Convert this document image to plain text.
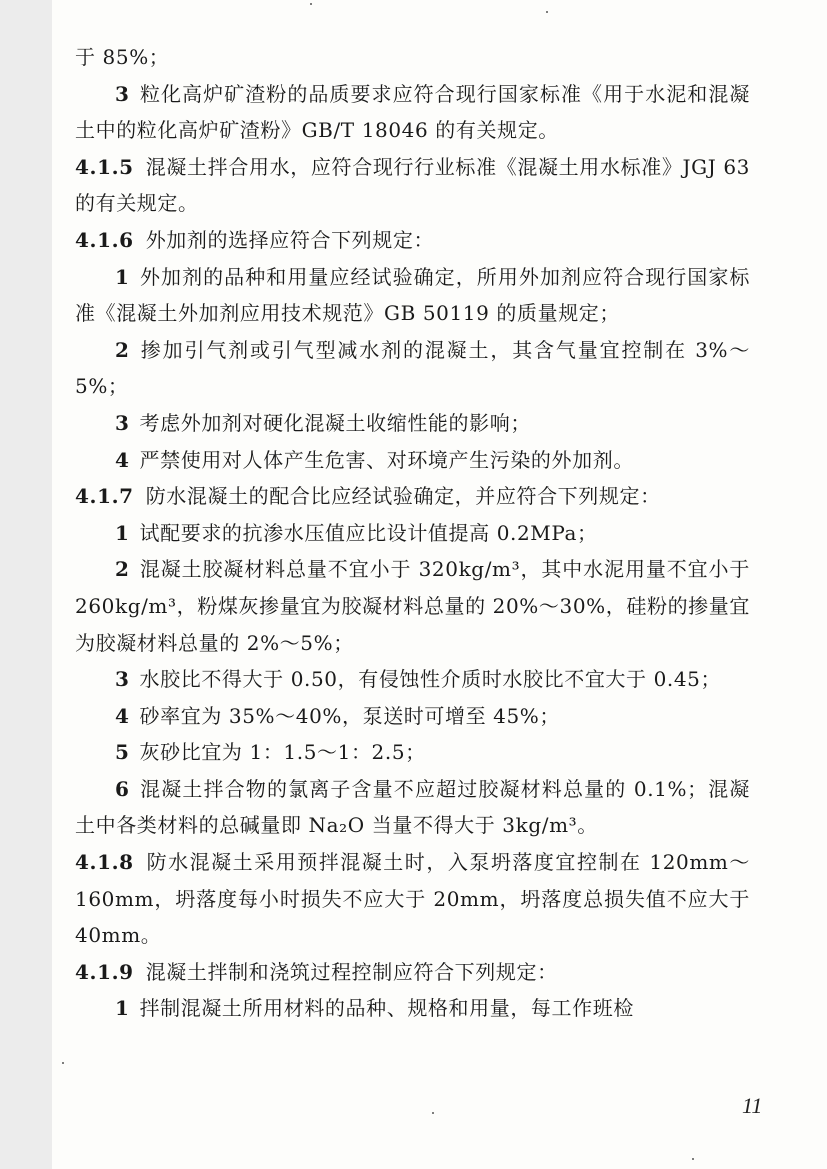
于 85%；

3 粒化高炉矿渣粉的品质要求应符合现行国家标准《用于水泥和混凝土中的粒化高炉矿渣粉》GB/T 18046 的有关规定。

4.1.5 混凝土拌合用水，应符合现行行业标准《混凝土用水标准》JGJ 63 的有关规定。

4.1.6 外加剂的选择应符合下列规定：

1 外加剂的品种和用量应经试验确定，所用外加剂应符合现行国家标准《混凝土外加剂应用技术规范》GB 50119 的质量规定；

2 掺加引气剂或引气型减水剂的混凝土，其含气量宜控制在 3%～5%；

3 考虑外加剂对硬化混凝土收缩性能的影响；

4 严禁使用对人体产生危害、对环境产生污染的外加剂。

4.1.7 防水混凝土的配合比应经试验确定，并应符合下列规定：

1 试配要求的抗渗水压值应比设计值提高 0.2MPa；

2 混凝土胶凝材料总量不宜小于 320kg/m³，其中水泥用量不宜小于 260kg/m³，粉煤灰掺量宜为胶凝材料总量的 20%～30%，硅粉的掺量宜为胶凝材料总量的 2%～5%；

3 水胶比不得大于 0.50，有侵蚀性介质时水胶比不宜大于 0.45；

4 砂率宜为 35%～40%，泵送时可增至 45%；

5 灰砂比宜为 1：1.5～1：2.5；

6 混凝土拌合物的氯离子含量不应超过胶凝材料总量的 0.1%；混凝土中各类材料的总碱量即 Na₂O 当量不得大于 3kg/m³。

4.1.8 防水混凝土采用预拌混凝土时，入泵坍落度宜控制在 120mm～160mm，坍落度每小时损失不应大于 20mm，坍落度总损失值不应大于 40mm。

4.1.9 混凝土拌制和浇筑过程控制应符合下列规定：

1 拌制混凝土所用材料的品种、规格和用量，每工作班检

11
